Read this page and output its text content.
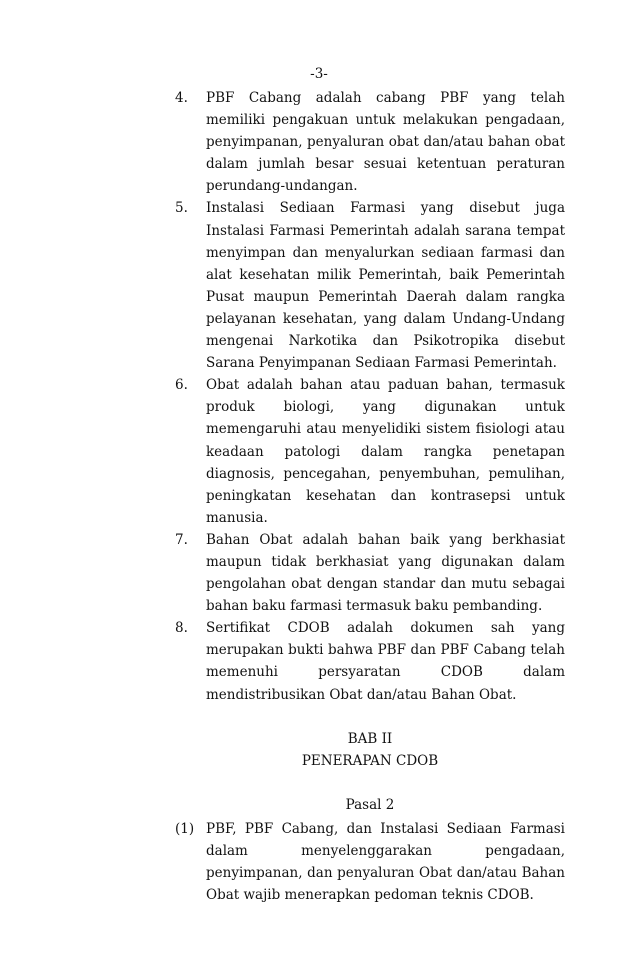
-3-
4. PBF Cabang adalah cabang PBF yang telah memiliki pengakuan untuk melakukan pengadaan, penyimpanan, penyaluran obat dan/atau bahan obat dalam jumlah besar sesuai ketentuan peraturan perundang-undangan.
5. Instalasi Sediaan Farmasi yang disebut juga Instalasi Farmasi Pemerintah adalah sarana tempat menyimpan dan menyalurkan sediaan farmasi dan alat kesehatan milik Pemerintah, baik Pemerintah Pusat maupun Pemerintah Daerah dalam rangka pelayanan kesehatan, yang dalam Undang-Undang mengenai Narkotika dan Psikotropika disebut Sarana Penyimpanan Sediaan Farmasi Pemerintah.
6. Obat adalah bahan atau paduan bahan, termasuk produk biologi, yang digunakan untuk memengaruhi atau menyelidiki sistem fisiologi atau keadaan patologi dalam rangka penetapan diagnosis, pencegahan, penyembuhan, pemulihan, peningkatan kesehatan dan kontrasepsi untuk manusia.
7. Bahan Obat adalah bahan baik yang berkhasiat maupun tidak berkhasiat yang digunakan dalam pengolahan obat dengan standar dan mutu sebagai bahan baku farmasi termasuk baku pembanding.
8. Sertifikat CDOB adalah dokumen sah yang merupakan bukti bahwa PBF dan PBF Cabang telah memenuhi persyaratan CDOB dalam mendistribusikan Obat dan/atau Bahan Obat.
BAB II
PENERAPAN CDOB
Pasal 2
(1) PBF, PBF Cabang, dan Instalasi Sediaan Farmasi dalam menyelenggarakan pengadaan, penyimpanan, dan penyaluran Obat dan/atau Bahan Obat wajib menerapkan pedoman teknis CDOB.
